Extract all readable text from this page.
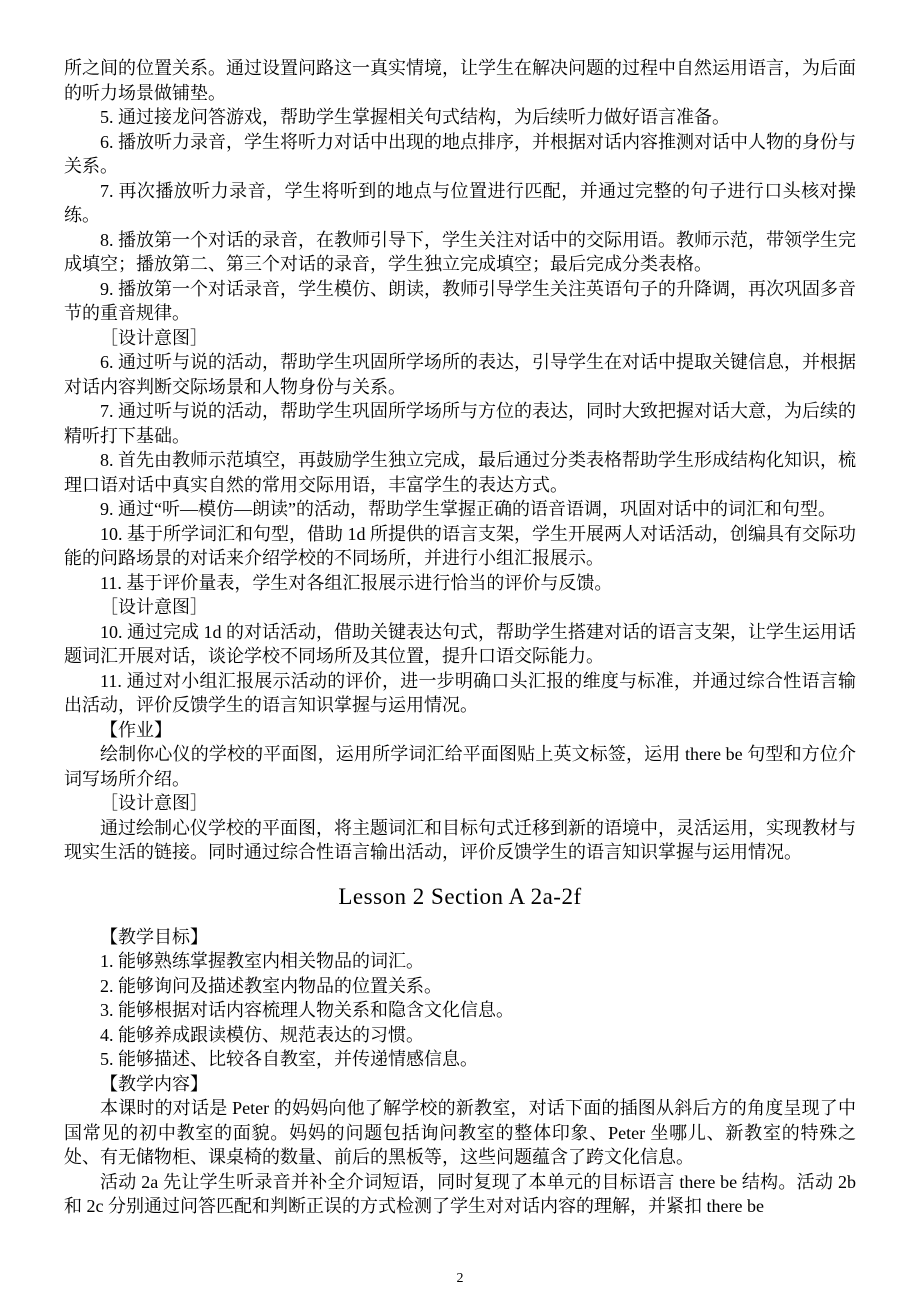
所之间的位置关系。通过设置问路这一真实情境，让学生在解决问题的过程中自然运用语言，为后面的听力场景做铺垫。

5. 通过接龙问答游戏，帮助学生掌握相关句式结构，为后续听力做好语言准备。

6. 播放听力录音，学生将听力对话中出现的地点排序，并根据对话内容推测对话中人物的身份与关系。

7. 再次播放听力录音，学生将听到的地点与位置进行匹配，并通过完整的句子进行口头核对操练。

8. 播放第一个对话的录音，在教师引导下，学生关注对话中的交际用语。教师示范，带领学生完成填空；播放第二、第三个对话的录音，学生独立完成填空；最后完成分类表格。

9. 播放第一个对话录音，学生模仿、朗读，教师引导学生关注英语句子的升降调，再次巩固多音节的重音规律。

［设计意图］

6. 通过听与说的活动，帮助学生巩固所学场所的表达，引导学生在对话中提取关键信息，并根据对话内容判断交际场景和人物身份与关系。

7. 通过听与说的活动，帮助学生巩固所学场所与方位的表达，同时大致把握对话大意，为后续的精听打下基础。

8. 首先由教师示范填空，再鼓励学生独立完成，最后通过分类表格帮助学生形成结构化知识，梳理口语对话中真实自然的常用交际用语，丰富学生的表达方式。

9. 通过“听—模仿—朗读”的活动，帮助学生掌握正确的语音语调，巩固对话中的词汇和句型。

10. 基于所学词汇和句型，借助 1d 所提供的语言支架，学生开展两人对话活动，创编具有交际功能的问路场景的对话来介绍学校的不同场所，并进行小组汇报展示。

11. 基于评价量表，学生对各组汇报展示进行恰当的评价与反馈。

［设计意图］

10. 通过完成 1d 的对话活动，借助关键表达句式，帮助学生搭建对话的语言支架，让学生运用话题词汇开展对话，谈论学校不同场所及其位置，提升口语交际能力。

11. 通过对小组汇报展示活动的评价，进一步明确口头汇报的维度与标准，并通过综合性语言输出活动，评价反馈学生的语言知识掌握与运用情况。

【作业】

绘制你心仪的学校的平面图，运用所学词汇给平面图贴上英文标签，运用 there be 句型和方位介词写场所介绍。

［设计意图］

通过绘制心仪学校的平面图，将主题词汇和目标句式迁移到新的语境中，灵活运用，实现教材与现实生活的链接。同时通过综合性语言输出活动，评价反馈学生的语言知识掌握与运用情况。

Lesson 2 Section A 2a-2f

【教学目标】

1. 能够熟练掌握教室内相关物品的词汇。

2. 能够询问及描述教室内物品的位置关系。

3. 能够根据对话内容梳理人物关系和隐含文化信息。

4. 能够养成跟读模仿、规范表达的习惯。

5. 能够描述、比较各自教室，并传递情感信息。

【教学内容】

本课时的对话是 Peter 的妈妈向他了解学校的新教室，对话下面的插图从斜后方的角度呈现了中国常见的初中教室的面貌。妈妈的问题包括询问教室的整体印象、Peter 坐哪儿、新教室的特殊之处、有无储物柜、课桌椅的数量、前后的黑板等，这些问题蕴含了跨文化信息。

活动 2a 先让学生听录音并补全介词短语，同时复现了本单元的目标语言 there be 结构。活动 2b 和 2c 分别通过问答匹配和判断正误的方式检测了学生对对话内容的理解，并紧扣 there be

2
